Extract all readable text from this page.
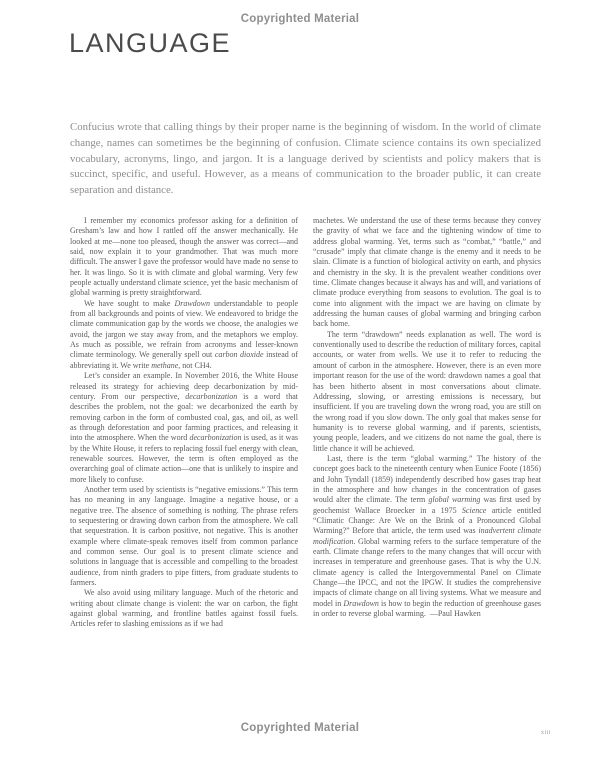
Copyrighted Material
LANGUAGE
Confucius wrote that calling things by their proper name is the beginning of wisdom. In the world of climate change, names can sometimes be the beginning of confusion. Climate science contains its own specialized vocabulary, acronyms, lingo, and jargon. It is a language derived by scientists and policy makers that is succinct, specific, and useful. However, as a means of communication to the broader public, it can create separation and distance.

I remember my economics professor asking for a definition of Gresham’s law and how I rattled off the answer mechanically. He looked at me—none too pleased, though the answer was correct—and said, now explain it to your grandmother. That was much more difficult. The answer I gave the professor would have made no sense to her. It was lingo. So it is with climate and global warming. Very few people actually understand climate science, yet the basic mechanism of global warming is pretty straightforward.

We have sought to make Drawdown understandable to people from all backgrounds and points of view. We endeavored to bridge the climate communication gap by the words we choose, the analogies we avoid, the jargon we stay away from, and the metaphors we employ. As much as possible, we refrain from acronyms and lesser-known climate terminology. We generally spell out carbon dioxide instead of abbreviating it. We write methane, not CH4.

Let’s consider an example. In November 2016, the White House released its strategy for achieving deep decarbonization by mid-century. From our perspective, decarbonization is a word that describes the problem, not the goal: we decarbonized the earth by removing carbon in the form of combusted coal, gas, and oil, as well as through deforestation and poor farming practices, and releasing it into the atmosphere. When the word decarbonization is used, as it was by the White House, it refers to replacing fossil fuel energy with clean, renewable sources. However, the term is often employed as the overarching goal of climate action—one that is unlikely to inspire and more likely to confuse.

Another term used by scientists is “negative emissions.” This term has no meaning in any language. Imagine a negative house, or a negative tree. The absence of something is nothing. The phrase refers to sequestering or drawing down carbon from the atmosphere. We call that sequestration. It is carbon positive, not negative. This is another example where climate-speak removes itself from common parlance and common sense. Our goal is to present climate science and solutions in language that is accessible and compelling to the broadest audience, from ninth graders to pipe fitters, from graduate students to farmers.

We also avoid using military language. Much of the rhetoric and writing about climate change is violent: the war on carbon, the fight against global warming, and frontline battles against fossil fuels. Articles refer to slashing emissions as if we had

machetes. We understand the use of these terms because they convey the gravity of what we face and the tightening window of time to address global warming. Yet, terms such as “combat,” “battle,” and “crusade” imply that climate change is the enemy and it needs to be slain. Climate is a function of biological activity on earth, and physics and chemistry in the sky. It is the prevalent weather conditions over time. Climate changes because it always has and will, and variations of climate produce everything from seasons to evolution. The goal is to come into alignment with the impact we are having on climate by addressing the human causes of global warming and bringing carbon back home.

The term “drawdown” needs explanation as well. The word is conventionally used to describe the reduction of military forces, capital accounts, or water from wells. We use it to refer to reducing the amount of carbon in the atmosphere. However, there is an even more important reason for the use of the word: drawdown names a goal that has been hitherto absent in most conversations about climate. Addressing, slowing, or arresting emissions is necessary, but insufficient. If you are traveling down the wrong road, you are still on the wrong road if you slow down. The only goal that makes sense for humanity is to reverse global warming, and if parents, scientists, young people, leaders, and we citizens do not name the goal, there is little chance it will be achieved.

Last, there is the term “global warming.” The history of the concept goes back to the nineteenth century when Eunice Foote (1856) and John Tyndall (1859) independently described how gases trap heat in the atmosphere and how changes in the concentration of gases would alter the climate. The term global warming was first used by geochemist Wallace Broecker in a 1975 Science article entitled “Climatic Change: Are We on the Brink of a Pronounced Global Warming?” Before that article, the term used was inadvertent climate modification. Global warming refers to the surface temperature of the earth. Climate change refers to the many changes that will occur with increases in temperature and greenhouse gases. That is why the U.N. climate agency is called the Intergovernmental Panel on Climate Change—the IPCC, and not the IPGW. It studies the comprehensive impacts of climate change on all living systems. What we measure and model in Drawdown is how to begin the reduction of greenhouse gases in order to reverse global warming. —Paul Hawken

Copyrighted Material	xiii
